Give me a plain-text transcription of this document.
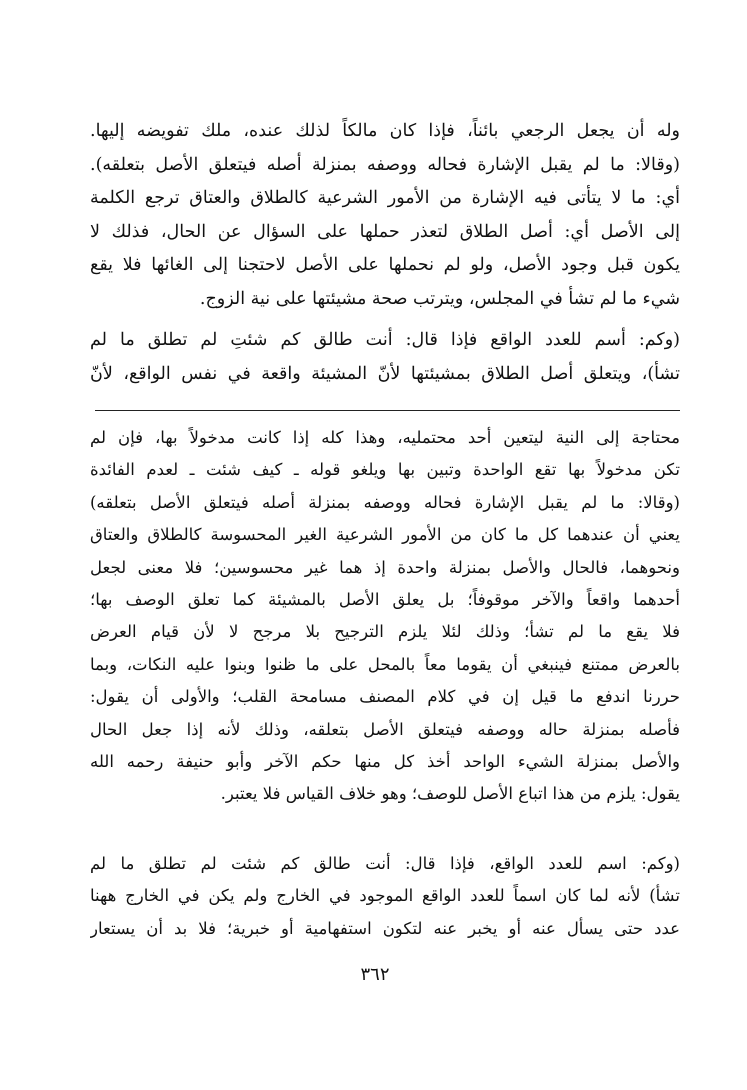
وله أن يجعل الرجعي بائناً، فإذا كان مالكاً لذلك عنده، ملك تفويضه إليها.
(وقالا: ما لم يقبل الإشارة فحاله ووصفه بمنزلة أصله فيتعلق الأصل بتعلقه).
أي: ما لا يتأتى فيه الإشارة من الأمور الشرعية كالطلاق والعتاق ترجع الكلمة
إلى الأصل أي: أصل الطلاق لتعذر حملها على السؤال عن الحال، فذلك لا
يكون قبل وجود الأصل، ولو لم نحملها على الأصل لاحتجنا إلى الغائها فلا يقع
شيء ما لم تشأ في المجلس، ويترتب صحة مشيئتها على نية الزوج.
(وكم: أسم للعدد الواقع فإذا قال: أنت طالق كم شئتِ لم تطلق ما لم
تشأ)، ويتعلق أصل الطلاق بمشيئتها لأنّ المشيئة واقعة في نفس الواقع، لأنّ
محتاجة إلى النية ليتعين أحد محتمليه، وهذا كله إذا كانت مدخولاً بها، فإن لم
تكن مدخولاً بها تقع الواحدة وتبين بها ويلغو قوله ـ كيف شئت ـ لعدم الفائدة
(وقالا: ما لم يقبل الإشارة فحاله ووصفه بمنزلة أصله فيتعلق الأصل بتعلقه)
يعني أن عندهما كل ما كان من الأمور الشرعية الغير المحسوسة كالطلاق والعتاق
ونحوهما، فالحال والأصل بمنزلة واحدة إذ هما غير محسوسين؛ فلا معنى لجعل
أحدهما واقعاً والآخر موقوفاً؛ بل يعلق الأصل بالمشيئة كما تعلق الوصف بها؛
فلا يقع ما لم تشأ؛ وذلك لئلا يلزم الترجيح بلا مرجح لا لأن قيام العرض
بالعرض ممتنع فينبغي أن يقوما معاً بالمحل على ما ظنوا وبنوا عليه النكات، وبما
حررنا اندفع ما قيل إن في كلام المصنف مسامحة القلب؛ والأولى أن يقول:
فأصله بمنزلة حاله ووصفه فيتعلق الأصل بتعلقه، وذلك لأنه إذا جعل الحال
والأصل بمنزلة الشيء الواحد أخذ كل منها حكم الآخر وأبو حنيفة رحمه الله
يقول: يلزم من هذا اتباع الأصل للوصف؛ وهو خلاف القياس فلا يعتبر.
(وكم: اسم للعدد الواقع، فإذا قال: أنت طالق كم شئت لم تطلق ما لم
تشأ) لأنه لما كان اسماً للعدد الواقع الموجود في الخارج ولم يكن في الخارج ههنا
عدد حتى يسأل عنه أو يخبر عنه لتكون استفهامية أو خبرية؛ فلا بد أن يستعار
٣٦٢
